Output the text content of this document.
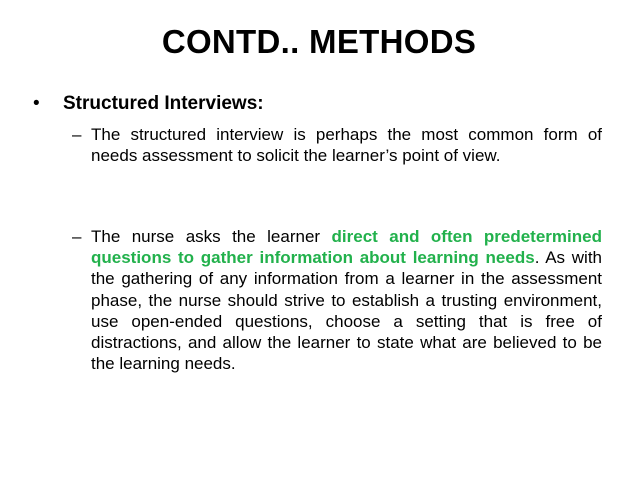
CONTD.. METHODS
•	Structured Interviews:
– The structured interview is perhaps the most common form of needs assessment to solicit the learner’s point of view.
– The nurse asks the learner direct and often predetermined questions to gather information about learning needs. As with the gathering of any information from a learner in the assessment phase, the nurse should strive to establish a trusting environment, use open-ended questions, choose a setting that is free of distractions, and allow the learner to state what are believed to be the learning needs.
